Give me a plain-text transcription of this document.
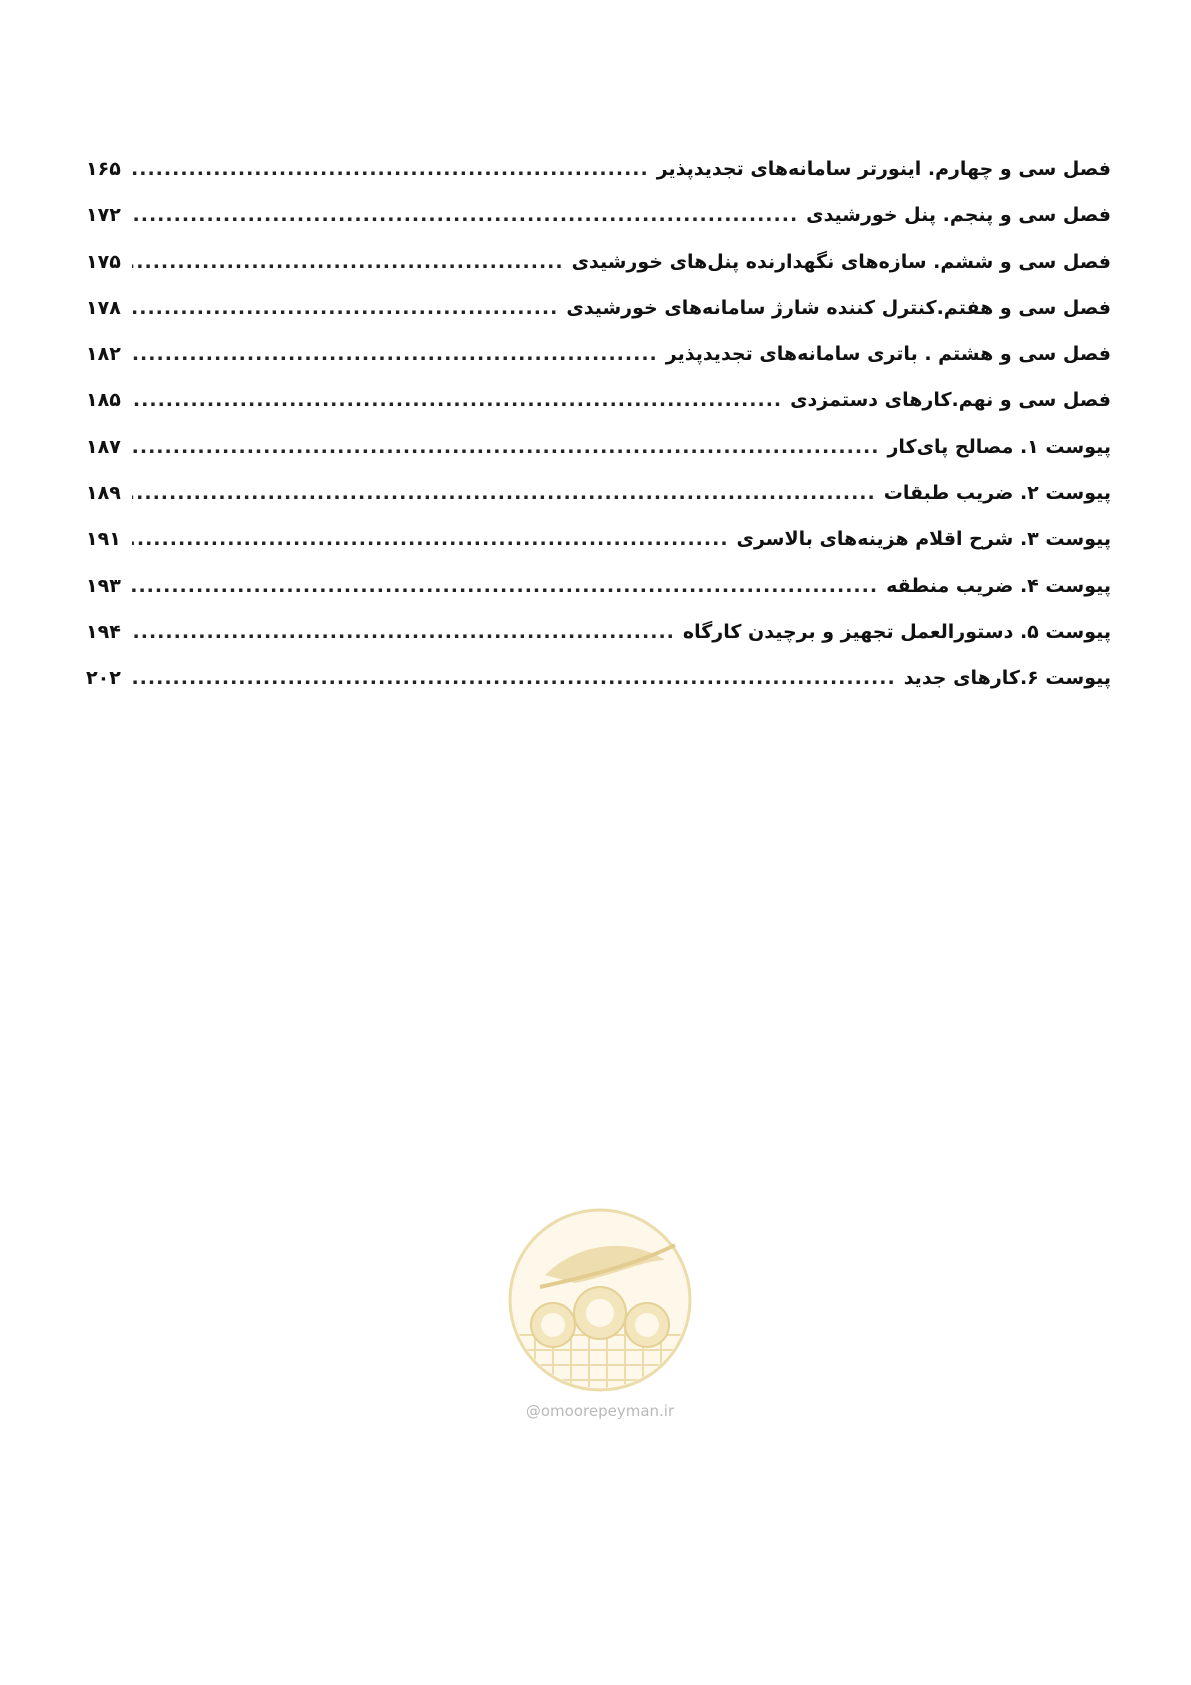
فصل سی و چهارم. اینورتر سامانه‌های تجدیدپذیر
.....
۱۶۵
فصل سی و پنجم. پنل خورشیدی
.....
۱۷۲
فصل سی و ششم. سازه‌های نگهدارنده پنل‌های خورشیدی
.....
۱۷۵
فصل سی و هفتم.کنترل کننده شارژ سامانه‌های خورشیدی
.....
۱۷۸
فصل سی و هشتم . باتری سامانه‌های تجدیدپذیر
.....
۱۸۲
فصل سی و نهم.کارهای دستمزدی
.....
۱۸۵
پیوست ۱. مصالح پای‌کار
.....
۱۸۷
پیوست ۲. ضریب طبقات
.....
۱۸۹
پیوست ۳. شرح اقلام هزینه‌های بالاسری
.....
۱۹۱
پیوست ۴. ضریب منطقه
.....
۱۹۳
پیوست ۵. دستورالعمل تجهیز و برچیدن کارگاه
.....
۱۹۴
پیوست ۶.کارهای جدید
.....
۲۰۲
@omoorepeyman.ir
